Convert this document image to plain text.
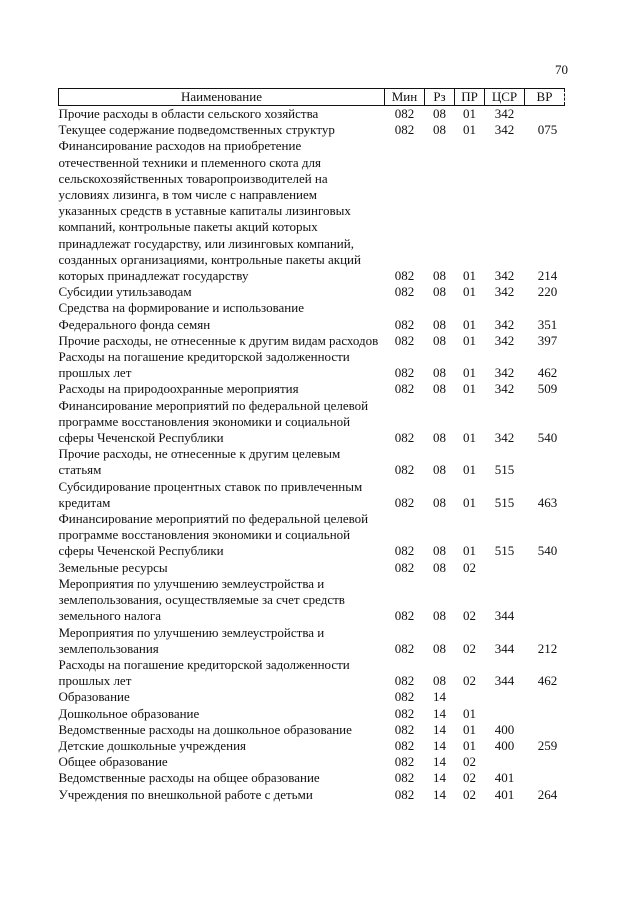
70
Наименование	Мин	Рз	ПР	ЦСР	ВР
Прочие расходы в области сельского хозяйства	082	08	01	342	
Текущее содержание подведомственных структур	082	08	01	342	075
Финансирование расходов на приобретение отечественной техники и племенного скота для сельскохозяйственных товаропроизводителей на условиях лизинга, в том числе с направлением указанных средств в уставные капиталы лизинговых компаний, контрольные пакеты акций которых принадлежат государству, или лизинговых компаний, созданных организациями, контрольные пакеты акций которых принадлежат государству	082	08	01	342	214
Субсидии утильзаводам	082	08	01	342	220
Средства на формирование и использование Федерального фонда семян	082	08	01	342	351
Прочие расходы, не отнесенные к другим видам расходов	082	08	01	342	397
Расходы на погашение кредиторской задолженности прошлых лет	082	08	01	342	462
Расходы на природоохранные мероприятия	082	08	01	342	509
Финансирование мероприятий по федеральной целевой программе восстановления экономики и социальной сферы Чеченской Республики	082	08	01	342	540
Прочие расходы, не отнесенные к другим целевым статьям	082	08	01	515	
Субсидирование процентных ставок по привлеченным кредитам	082	08	01	515	463
Финансирование мероприятий по федеральной целевой программе восстановления экономики и социальной сферы Чеченской Республики	082	08	01	515	540
Земельные ресурсы	082	08	02		
Мероприятия по улучшению землеустройства и землепользования, осуществляемые за счет средств земельного налога	082	08	02	344	
Мероприятия по улучшению землеустройства и землепользования	082	08	02	344	212
Расходы на погашение кредиторской задолженности прошлых лет	082	08	02	344	462
Образование	082	14			
Дошкольное образование	082	14	01		
Ведомственные расходы на дошкольное образование	082	14	01	400	
Детские дошкольные учреждения	082	14	01	400	259
Общее образование	082	14	02		
Ведомственные расходы на общее образование	082	14	02	401	
Учреждения по внешкольной работе с детьми	082	14	02	401	264
